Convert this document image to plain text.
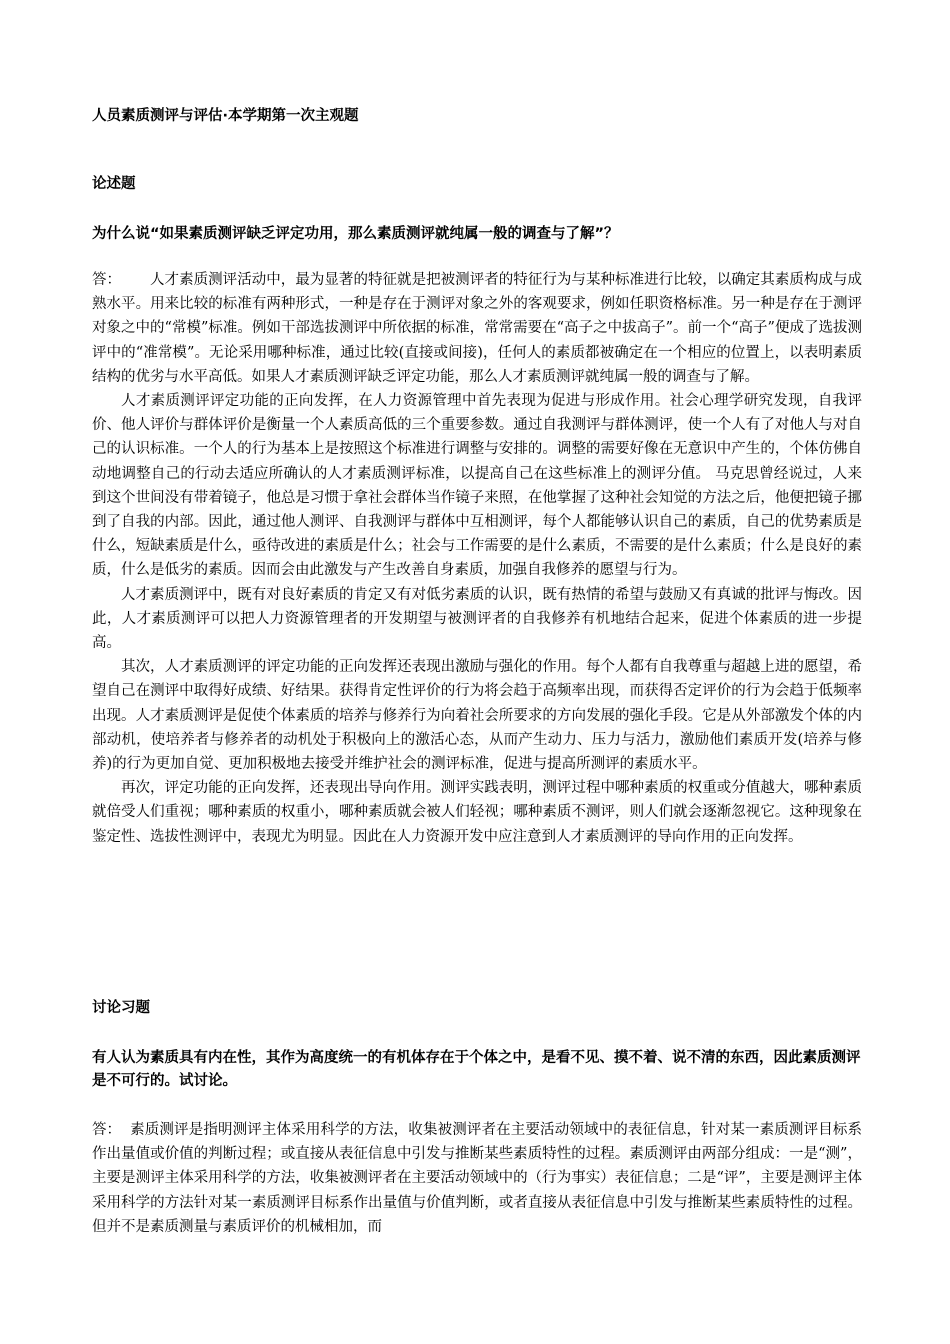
人员素质测评与评估·本学期第一次主观题
论述题
为什么说“如果素质测评缺乏评定功用，那么素质测评就纯属一般的调查与了解”？

答： 人才素质测评活动中，最为显著的特征就是把被测评者的特征行为与某种标准进行比较，以确定其素质构成与成熟水平。用来比较的标准有两种形式，一种是存在于测评对象之外的客观要求，例如任职资格标准。另一种是存在于测评对象之中的“常模”标准。例如干部选拔测评中所依据的标准，常常需要在“高子之中拔高子”。前一个“高子”便成了选拔测评中的“准常模”。无论采用哪种标准，通过比较(直接或间接)，任何人的素质都被确定在一个相应的位置上，以表明素质结构的优劣与水平高低。如果人才素质测评缺乏评定功能，那么人才素质测评就纯属一般的调查与了解。

人才素质测评评定功能的正向发挥，在人力资源管理中首先表现为促进与形成作用。社会心理学研究发现，自我评价、他人评价与群体评价是衡量一个人素质高低的三个重要参数。通过自我测评与群体测评，使一个人有了对他人与对自己的认识标准。一个人的行为基本上是按照这个标准进行调整与安排的。调整的需要好像在无意识中产生的，个体仿佛自动地调整自己的行动去适应所确认的人才素质测评标准，以提高自己在这些标准上的测评分值。 马克思曾经说过，人来到这个世间没有带着镜子，他总是习惯于拿社会群体当作镜子来照，在他掌握了这种社会知觉的方法之后，他便把镜子挪到了自我的内部。因此，通过他人测评、自我测评与群体中互相测评，每个人都能够认识自己的素质，自己的优势素质是什么，短缺素质是什么，亟待改进的素质是什么；社会与工作需要的是什么素质，不需要的是什么素质；什么是良好的素质，什么是低劣的素质。因而会由此激发与产生改善自身素质，加强自我修养的愿望与行为。

人才素质测评中，既有对良好素质的肯定又有对低劣素质的认识，既有热情的希望与鼓励又有真诚的批评与悔改。因此，人才素质测评可以把人力资源管理者的开发期望与被测评者的自我修养有机地结合起来，促进个体素质的进一步提高。

其次，人才素质测评的评定功能的正向发挥还表现出激励与强化的作用。每个人都有自我尊重与超越上进的愿望，希望自己在测评中取得好成绩、好结果。获得肯定性评价的行为将会趋于高频率出现，而获得否定评价的行为会趋于低频率出现。人才素质测评是促使个体素质的培养与修养行为向着社会所要求的方向发展的强化手段。它是从外部激发个体的内部动机，使培养者与修养者的动机处于积极向上的激活心态，从而产生动力、压力与活力，激励他们素质开发(培养与修养)的行为更加自觉、更加积极地去接受并维护社会的测评标准，促进与提高所测评的素质水平。

再次，评定功能的正向发挥，还表现出导向作用。测评实践表明，测评过程中哪种素质的权重或分值越大，哪种素质就倍受人们重视；哪种素质的权重小，哪种素质就会被人们轻视；哪种素质不测评，则人们就会逐渐忽视它。这种现象在鉴定性、选拔性测评中，表现尤为明显。因此在人力资源开发中应注意到人才素质测评的导向作用的正向发挥。

讨论习题
有人认为素质具有内在性，其作为高度统一的有机体存在于个体之中，是看不见、摸不着、说不清的东西，因此素质测评是不可行的。试讨论。

答： 素质测评是指明测评主体采用科学的方法，收集被测评者在主要活动领域中的表征信息，针对某一素质测评目标系作出量值或价值的判断过程；或直接从表征信息中引发与推断某些素质特性的过程。素质测评由两部分组成：一是“测”，主要是测评主体采用科学的方法，收集被测评者在主要活动领域中的（行为事实）表征信息；二是“评”，主要是测评主体采用科学的方法针对某一素质测评目标系作出量值与价值判断，或者直接从表征信息中引发与推断某些素质特性的过程。但并不是素质测量与素质评价的机械相加，而
